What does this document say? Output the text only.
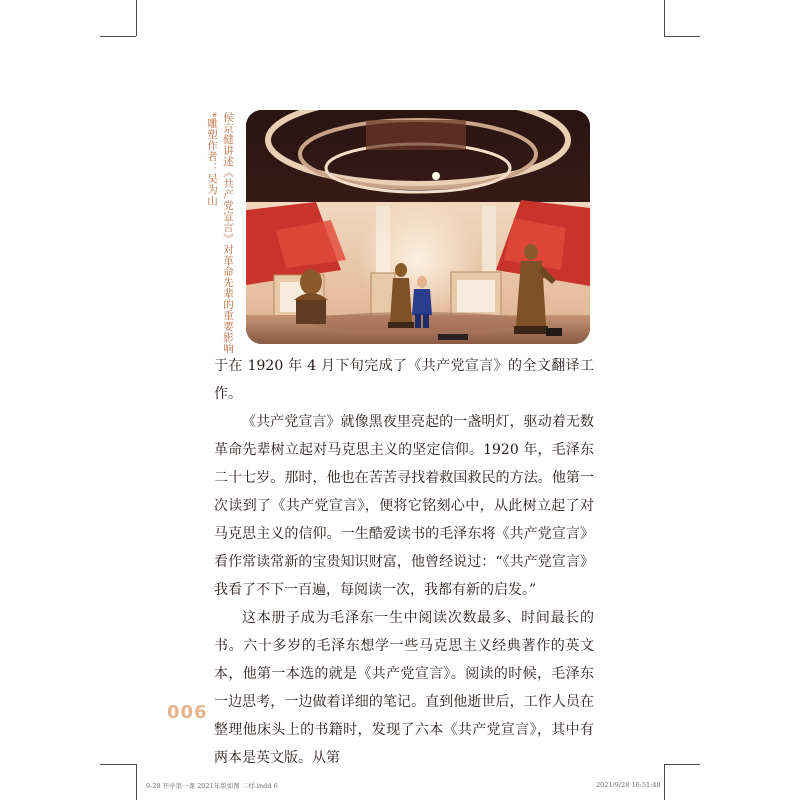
侯京健讲述《共产党宣言》对革命先辈的重要影响
*雕塑作者：吴为山

于在 1920 年 4 月下旬完成了《共产党宣言》的全文翻译工作。

《共产党宣言》就像黑夜里亮起的一盏明灯，驱动着无数革命先辈树立起对马克思主义的坚定信仰。1920 年，毛泽东二十七岁。那时，他也在苦苦寻找着救国救民的方法。他第一次读到了《共产党宣言》，便将它铭刻心中，从此树立起了对马克思主义的信仰。一生酷爱读书的毛泽东将《共产党宣言》看作常读常新的宝贵知识财富，他曾经说过：“《共产党宣言》我看了不下一百遍，每阅读一次，我都有新的启发。”

这本册子成为毛泽东一生中阅读次数最多、时间最长的书。六十多岁的毛泽东想学一些马克思主义经典著作的英文本，他第一本选的就是《共产党宣言》。阅读的时候，毛泽东一边思考，一边做着详细的笔记。直到他逝世后，工作人员在整理他床头上的书籍时，发现了六本《共产党宣言》，其中有两本是英文版。从第

006
9-28 开学第一课 2021年版如图 二样.indd 6	2021/9/28 16:51:48
